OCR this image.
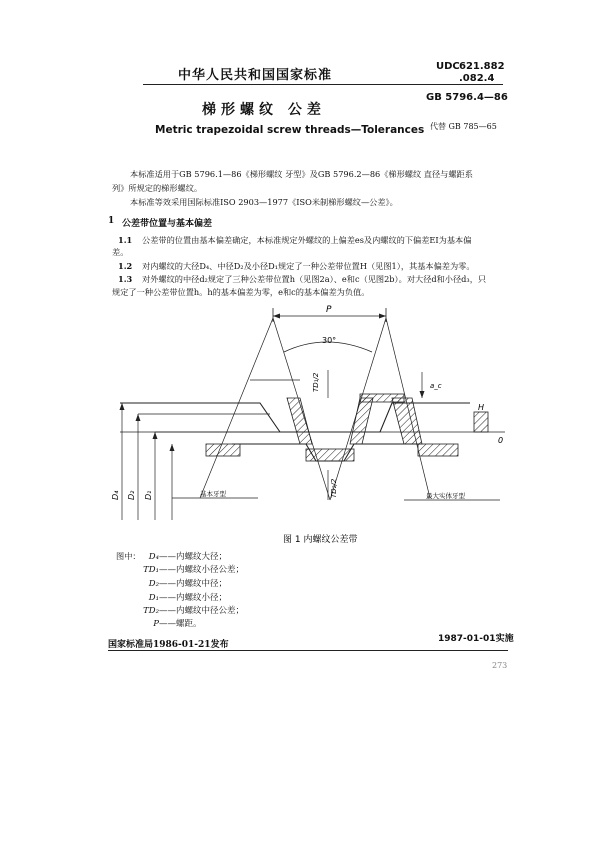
中华人民共和国国家标准
UDC 621.882
.082.4
梯形螺纹 公差
GB 5796.4—86
Metric trapezoidal screw threads—Tolerances 代替 GB 785—65
本标准适用于GB 5796.1—86《梯形螺纹 牙型》及GB 5796.2—86《梯形螺纹 直径与螺距系
列》所规定的梯形螺纹。
本标准等效采用国际标准ISO 2903—1977《ISO米制梯形螺纹—公差》。
1 公差带位置与基本偏差
1.1 公差带的位置由基本偏差确定，本标准规定外螺纹的上偏差es及内螺纹的下偏差EI为基本偏
差。
1.2 对内螺纹的大径D₄、中径D₂及小径D₁规定了一种公差带位置H（见图1），其基本偏差为零。
1.3 对外螺纹的中径d₂规定了三种公差带位置h（见图2a）、e和c（见图2b）。对大径d和小径d₃，只
规定了一种公差带位置h。h的基本偏差为零，e和c的基本偏差为负值。
P
30°
0
H
TD₁/2	a_c
TD₂/2
D₄ D₂ D₁	基本牙型	最大实体牙型
图 1 内螺纹公差带
图中： D₄——内螺纹大径；
TD₁——内螺纹小径公差；
D₂——内螺纹中径；
D₁——内螺纹小径；
TD₂——内螺纹中径公差；
P——螺距。
国家标准局1986-01-21发布
1987-01-01实施
273
